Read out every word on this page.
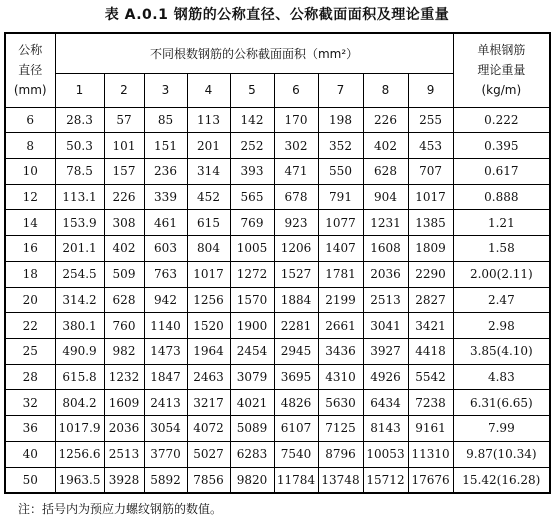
表 A.0.1 钢筋的公称直径、公称截面面积及理论重量
公称
直径
(mm)	不同根数钢筋的公称截面面积（mm²）									单根钢筋
理论重量
(kg/m)

	1	2	3	4	5	6	7	8	9	
6	28.3	57	85	113	142	170	198	226	255	0.222
8	50.3	101	151	201	252	302	352	402	453	0.395
10	78.5	157	236	314	393	471	550	628	707	0.617
12	113.1	226	339	452	565	678	791	904	1017	0.888
14	153.9	308	461	615	769	923	1077	1231	1385	1.21
16	201.1	402	603	804	1005	1206	1407	1608	1809	1.58
18	254.5	509	763	1017	1272	1527	1781	2036	2290	2.00(2.11)
20	314.2	628	942	1256	1570	1884	2199	2513	2827	2.47
22	380.1	760	1140	1520	1900	2281	2661	3041	3421	2.98
25	490.9	982	1473	1964	2454	2945	3436	3927	4418	3.85(4.10)
28	615.8	1232	1847	2463	3079	3695	4310	4926	5542	4.83
32	804.2	1609	2413	3217	4021	4826	5630	6434	7238	6.31(6.65)
36	1017.9	2036	3054	4072	5089	6107	7125	8143	9161	7.99
40	1256.6	2513	3770	5027	6283	7540	8796	10053	11310	9.87(10.34)
50	1963.5	3928	5892	7856	9820	11784	13748	15712	17676	15.42(16.28)
注：括号内为预应力螺纹钢筋的数值。
